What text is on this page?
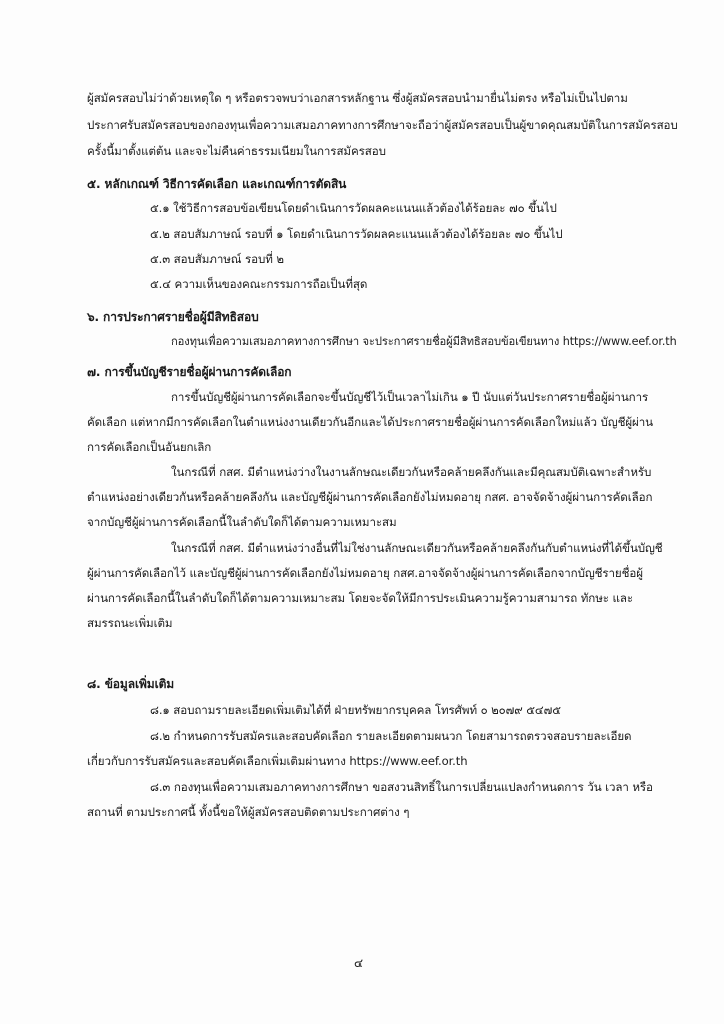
ผู้สมัครสอบไม่ว่าด้วยเหตุใด ๆ หรือตรวจพบว่าเอกสารหลักฐาน ซึ่งผู้สมัครสอบนำมายื่นไม่ตรง หรือไม่เป็นไปตาม
ประกาศรับสมัครสอบของกองทุนเพื่อความเสมอภาคทางการศึกษาจะถือว่าผู้สมัครสอบเป็นผู้ขาดคุณสมบัติในการสมัครสอบ
ครั้งนี้มาตั้งแต่ต้น และจะไม่คืนค่าธรรมเนียมในการสมัครสอบ
๕. หลักเกณฑ์ วิธีการคัดเลือก และเกณฑ์การตัดสิน
๕.๑ ใช้วิธีการสอบข้อเขียนโดยดำเนินการวัดผลคะแนนแล้วต้องได้ร้อยละ ๗๐ ขึ้นไป
๕.๒ สอบสัมภาษณ์ รอบที่ ๑ โดยดำเนินการวัดผลคะแนนแล้วต้องได้ร้อยละ ๗๐ ขึ้นไป
๕.๓ สอบสัมภาษณ์ รอบที่ ๒
๕.๔ ความเห็นของคณะกรรมการถือเป็นที่สุด
๖. การประกาศรายชื่อผู้มีสิทธิสอบ
กองทุนเพื่อความเสมอภาคทางการศึกษา จะประกาศรายชื่อผู้มีสิทธิสอบข้อเขียนทาง https://www.eef.or.th
๗. การขึ้นบัญชีรายชื่อผู้ผ่านการคัดเลือก
การขึ้นบัญชีผู้ผ่านการคัดเลือกจะขึ้นบัญชีไว้เป็นเวลาไม่เกิน ๑ ปี นับแต่วันประกาศรายชื่อผู้ผ่านการ
คัดเลือก แต่หากมีการคัดเลือกในตำแหน่งงานเดียวกันอีกและได้ประกาศรายชื่อผู้ผ่านการคัดเลือกใหม่แล้ว บัญชีผู้ผ่าน
การคัดเลือกเป็นอันยกเลิก
ในกรณีที่ กสศ. มีตำแหน่งว่างในงานลักษณะเดียวกันหรือคล้ายคลึงกันและมีคุณสมบัติเฉพาะสำหรับ
ตำแหน่งอย่างเดียวกันหรือคล้ายคลึงกัน และบัญชีผู้ผ่านการคัดเลือกยังไม่หมดอายุ กสศ. อาจจัดจ้างผู้ผ่านการคัดเลือก
จากบัญชีผู้ผ่านการคัดเลือกนี้ในลำดับใดก็ได้ตามความเหมาะสม
ในกรณีที่ กสศ. มีตำแหน่งว่างอื่นที่ไม่ใช่งานลักษณะเดียวกันหรือคล้ายคลึงกันกับตำแหน่งที่ได้ขึ้นบัญชี
ผู้ผ่านการคัดเลือกไว้ และบัญชีผู้ผ่านการคัดเลือกยังไม่หมดอายุ กสศ.อาจจัดจ้างผู้ผ่านการคัดเลือกจากบัญชีรายชื่อผู้
ผ่านการคัดเลือกนี้ในลำดับใดก็ได้ตามความเหมาะสม โดยจะจัดให้มีการประเมินความรู้ความสามารถ ทักษะ และ
สมรรถนะเพิ่มเติม
๘. ข้อมูลเพิ่มเติม
๘.๑ สอบถามรายละเอียดเพิ่มเติมได้ที่ ฝ่ายทรัพยากรบุคคล โทรศัพท์ ๐ ๒๐๗๙ ๕๔๗๕
๘.๒ กำหนดการรับสมัครและสอบคัดเลือก รายละเอียดตามผนวก โดยสามารถตรวจสอบรายละเอียด
เกี่ยวกับการรับสมัครและสอบคัดเลือกเพิ่มเติมผ่านทาง https://www.eef.or.th
๘.๓ กองทุนเพื่อความเสมอภาคทางการศึกษา ขอสงวนสิทธิ์ในการเปลี่ยนแปลงกำหนดการ วัน เวลา หรือ
สถานที่ ตามประกาศนี้ ทั้งนี้ขอให้ผู้สมัครสอบติดตามประกาศต่าง ๆ
๔
